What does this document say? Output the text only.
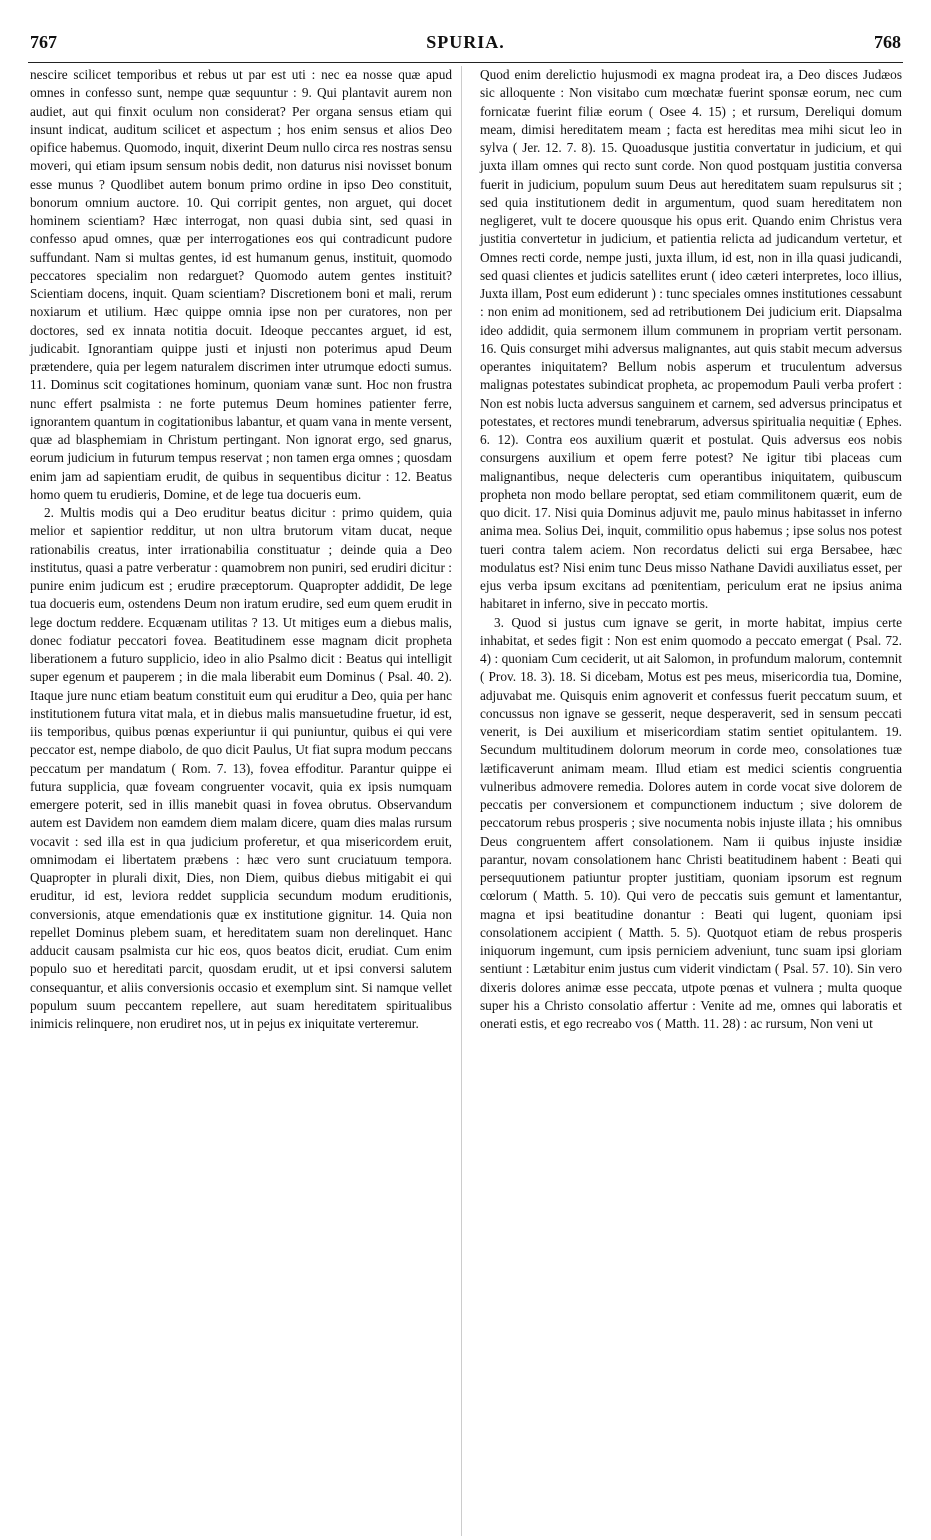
767	SPURIA.	768

nescire scilicet temporibus et rebus ut par est uti : nec ea nosse quæ apud omnes in confesso sunt, nempe quæ sequuntur : 9. Qui plantavit aurem non audiet, aut qui finxit oculum non considerat? Per organa sensus etiam qui insunt indicat, auditum scilicet et aspectum ; hos enim sensus et alios Deo opifice habemus. Quomodo, inquit, dixerint Deum nullo circa res nostras sensu moveri, qui etiam ipsum sensum nobis dedit, non daturus nisi novisset bonum esse munus ? Quodlibet autem bonum primo ordine in ipso Deo constituit, bonorum omnium auctore. 10. Qui corripit gentes, non arguet, qui docet hominem scientiam? Hæc interrogat, non quasi dubia sint, sed quasi in confesso apud omnes, quæ per interrogationes eos qui contradicunt pudore suffundant. Nam si multas gentes, id est humanum genus, instituit, quomodo peccatores specialim non redarguet? Quomodo autem gentes instituit? Scientiam docens, inquit. Quam scientiam? Discretionem boni et mali, rerum noxiarum et utilium. Hæc quippe omnia ipse non per curatores, non per doctores, sed ex innata notitia docuit. Ideoque peccantes arguet, id est, judicabit. Ignorantiam quippe justi et injusti non poterimus apud Deum prætendere, quia per legem naturalem discrimen inter utrumque edocti sumus. 11. Dominus scit cogitationes hominum, quoniam vanæ sunt. Hoc non frustra nunc effert psalmista : ne forte putemus Deum homines patienter ferre, ignorantem quantum in cogitationibus labantur, et quam vana in mente versent, quæ ad blasphemiam in Christum pertingant. Non ignorat ergo, sed gnarus, eorum judicium in futurum tempus reservat ; non tamen erga omnes ; quosdam enim jam ad sapientiam erudit, de quibus in sequentibus dicitur : 12. Beatus homo quem tu erudieris, Domine, et de lege tua docueris eum.

2. Multis modis qui a Deo eruditur beatus dicitur : primo quidem, quia melior et sapientior redditur, ut non ultra brutorum vitam ducat, neque rationabilis creatus, inter irrationabilia constituatur ; deinde quia a Deo institutus, quasi a patre verberatur : quamobrem non puniri, sed erudiri dicitur : punire enim judicum est ; erudire præceptorum. Quapropter addidit, De lege tua docueris eum, ostendens Deum non iratum erudire, sed eum quem erudit in lege doctum reddere. Ecquænam utilitas ? 13. Ut mitiges eum a diebus malis, donec fodiatur peccatori fovea. Beatitudinem esse magnam dicit propheta liberationem a futuro supplicio, ideo in alio Psalmo dicit : Beatus qui intelligit super egenum et pauperem ; in die mala liberabit eum Dominus ( Psal. 40. 2). Itaque jure nunc etiam beatum constituit eum qui eruditur a Deo, quia per hanc institutionem futura vitat mala, et in diebus malis mansuetudine fruetur, id est, iis temporibus, quibus pœnas experiuntur ii qui puniuntur, quibus ei qui vere peccator est, nempe diabolo, de quo dicit Paulus, Ut fiat supra modum peccans peccatum per mandatum ( Rom. 7. 13), fovea effoditur. Parantur quippe ei futura supplicia, quæ foveam congruenter vocavit, quia ex ipsis numquam emergere poterit, sed in illis manebit quasi in fovea obrutus. Observandum autem est Davidem non eamdem diem malam dicere, quam dies malas rursum vocavit : sed illa est in qua judicium proferetur, et qua misericordem eruit, omnimodam ei libertatem præbens : hæc vero sunt cruciatuum tempora. Quapropter in plurali dixit, Dies, non Diem, quibus diebus mitigabit ei qui eruditur, id est, leviora reddet supplicia secundum modum eruditionis, conversionis, atque emendationis quæ ex institutione gignitur. 14. Quia non repellet Dominus plebem suam, et hereditatem suam non derelinquet. Hanc adducit causam psalmista cur hic eos, quos beatos dicit, erudiat. Cum enim populo suo et hereditati parcit, quosdam erudit, ut et ipsi conversi salutem consequantur, et aliis conversionis occasio et exemplum sint. Si namque vellet populum suum peccantem repellere, aut suam hereditatem spiritualibus inimicis relinquere, non erudiret nos, ut in pejus ex iniquitate verteremur.

Quod enim derelictio hujusmodi ex magna prodeat ira, a Deo disces Judæos sic alloquente : Non visitabo cum mœchatæ fuerint sponsæ eorum, nec cum fornicatæ fuerint filiæ eorum ( Osee 4. 15) ; et rursum, Dereliqui domum meam, dimisi hereditatem meam ; facta est hereditas mea mihi sicut leo in sylva ( Jer. 12. 7. 8). 15. Quoadusque justitia convertatur in judicium, et qui juxta illam omnes qui recto sunt corde. Non quod postquam justitia conversa fuerit in judicium, populum suum Deus aut hereditatem suam repulsurus sit ; sed quia institutionem dedit in argumentum, quod suam hereditatem non negligeret, vult te docere quousque his opus erit. Quando enim Christus vera justitia convertetur in judicium, et patientia relicta ad judicandum vertetur, et Omnes recti corde, nempe justi, juxta illum, id est, non in illa quasi judicandi, sed quasi clientes et judicis satellites erunt ( ideo cæteri interpretes, loco illius, Juxta illam, Post eum ediderunt ) : tunc speciales omnes institutiones cessabunt : non enim ad monitionem, sed ad retributionem Dei judicium erit. Diapsalma ideo addidit, quia sermonem illum communem in propriam vertit personam. 16. Quis consurget mihi adversus malignantes, aut quis stabit mecum adversus operantes iniquitatem? Bellum nobis asperum et truculentum adversus malignas potestates subindicat propheta, ac propemodum Pauli verba profert : Non est nobis lucta adversus sanguinem et carnem, sed adversus principatus et potestates, et rectores mundi tenebrarum, adversus spiritualia nequitiæ ( Ephes. 6. 12). Contra eos auxilium quærit et postulat. Quis adversus eos nobis consurgens auxilium et opem ferre potest? Ne igitur tibi placeas cum malignantibus, neque delecteris cum operantibus iniquitatem, quibuscum propheta non modo bellare peroptat, sed etiam commilitonem quærit, eum de quo dicit. 17. Nisi quia Dominus adjuvit me, paulo minus habitasset in inferno anima mea. Solius Dei, inquit, commilitio opus habemus ; ipse solus nos potest tueri contra talem aciem. Non recordatus delicti sui erga Bersabee, hæc modulatus est? Nisi enim tunc Deus misso Nathane Davidi auxiliatus esset, per ejus verba ipsum excitans ad pœnitentiam, periculum erat ne ipsius anima habitaret in inferno, sive in peccato mortis.

3. Quod si justus cum ignave se gerit, in morte habitat, impius certe inhabitat, et sedes figit : Non est enim quomodo a peccato emergat ( Psal. 72. 4) : quoniam Cum ceciderit, ut ait Salomon, in profundum malorum, contemnit ( Prov. 18. 3). 18. Si dicebam, Motus est pes meus, misericordia tua, Domine, adjuvabat me. Quisquis enim agnoverit et confessus fuerit peccatum suum, et concussus non ignave se gesserit, neque desperaverit, sed in sensum peccati venerit, is Dei auxilium et misericordiam statim sentiet opitulantem. 19. Secundum multitudinem dolorum meorum in corde meo, consolationes tuæ lætificaverunt animam meam. Illud etiam est medici scientis congruentia vulneribus admovere remedia. Dolores autem in corde vocat sive dolorem de peccatis per conversionem et compunctionem inductum ; sive dolorem de peccatorum rebus prosperis ; sive nocumenta nobis injuste illata ; his omnibus Deus congruentem affert consolationem. Nam ii quibus injuste insidiæ parantur, novam consolationem hanc Christi beatitudinem habent : Beati qui persequutionem patiuntur propter justitiam, quoniam ipsorum est regnum cœlorum ( Matth. 5. 10). Qui vero de peccatis suis gemunt et lamentantur, magna et ipsi beatitudine donantur : Beati qui lugent, quoniam ipsi consolationem accipient ( Matth. 5. 5). Quotquot etiam de rebus prosperis iniquorum ingemunt, cum ipsis perniciem adveniunt, tunc suam ipsi gloriam sentiunt : Lætabitur enim justus cum viderit vindictam ( Psal. 57. 10). Sin vero dixeris dolores animæ esse peccata, utpote pœnas et vulnera ; multa quoque super his a Christo consolatio affertur : Venite ad me, omnes qui laboratis et onerati estis, et ego recreabo vos ( Matth. 11. 28) : ac rursum, Non veni ut
